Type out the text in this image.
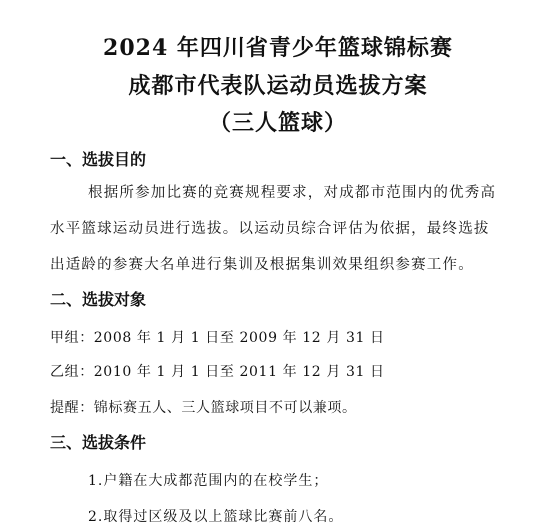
2024 年四川省青少年篮球锦标赛
成都市代表队运动员选拔方案
（三人篮球）
一、选拔目的
根据所参加比赛的竞赛规程要求，对成都市范围内的优秀高
水平篮球运动员进行选拔。以运动员综合评估为依据，最终选拔
出适龄的参赛大名单进行集训及根据集训效果组织参赛工作。
二、选拔对象
甲组：2008 年 1 月 1 日至 2009 年 12 月 31 日
乙组：2010 年 1 月 1 日至 2011 年 12 月 31 日
提醒：锦标赛五人、三人篮球项目不可以兼项。
三、选拔条件
1.户籍在大成都范围内的在校学生；
2.取得过区级及以上篮球比赛前八名。
